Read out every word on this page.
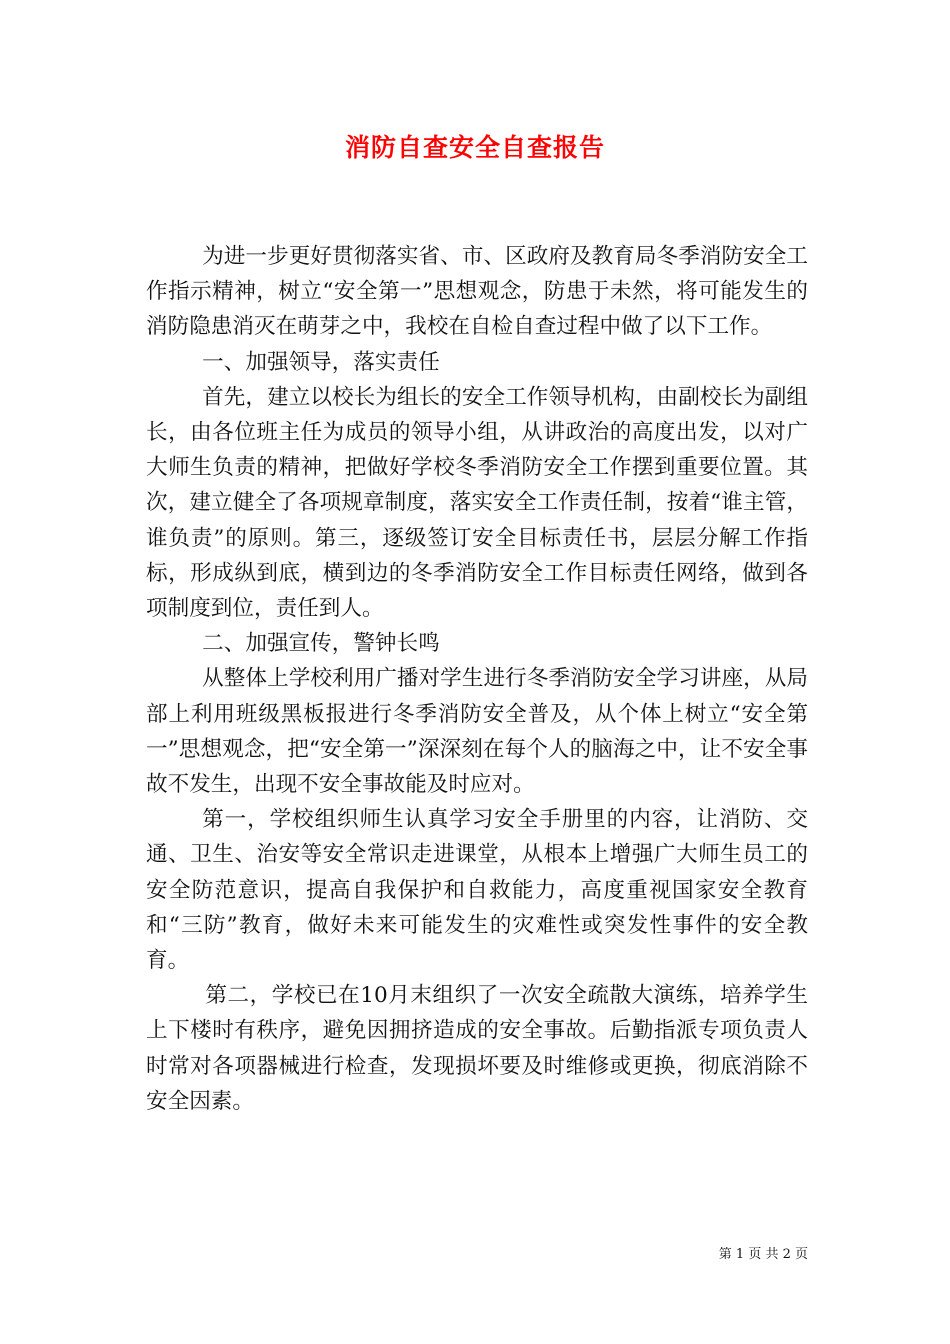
消防自查安全自查报告

为进一步更好贯彻落实省、市、区政府及教育局冬季消防安全工作指示精神，树立“安全第一”思想观念，防患于未然，将可能发生的消防隐患消灭在萌芽之中，我校在自检自查过程中做了以下工作。

一、加强领导，落实责任

首先，建立以校长为组长的安全工作领导机构，由副校长为副组长，由各位班主任为成员的领导小组，从讲政治的高度出发，以对广大师生负责的精神，把做好学校冬季消防安全工作摆到重要位置。其次，建立健全了各项规章制度，落实安全工作责任制，按着“谁主管，谁负责”的原则。第三，逐级签订安全目标责任书，层层分解工作指标，形成纵到底，横到边的冬季消防安全工作目标责任网络，做到各项制度到位，责任到人。

二、加强宣传，警钟长鸣

从整体上学校利用广播对学生进行冬季消防安全学习讲座，从局部上利用班级黑板报进行冬季消防安全普及，从个体上树立“安全第一”思想观念，把“安全第一”深深刻在每个人的脑海之中，让不安全事故不发生，出现不安全事故能及时应对。

第一，学校组织师生认真学习安全手册里的内容，让消防、交通、卫生、治安等安全常识走进课堂，从根本上增强广大师生员工的安全防范意识，提高自我保护和自救能力，高度重视国家安全教育和“三防”教育，做好未来可能发生的灾难性或突发性事件的安全教育。

第二，学校已在10月末组织了一次安全疏散大演练，培养学生上下楼时有秩序，避免因拥挤造成的安全事故。后勤指派专项负责人时常对各项器械进行检查，发现损坏要及时维修或更换，彻底消除不安全因素。

第 1 页 共 2 页
